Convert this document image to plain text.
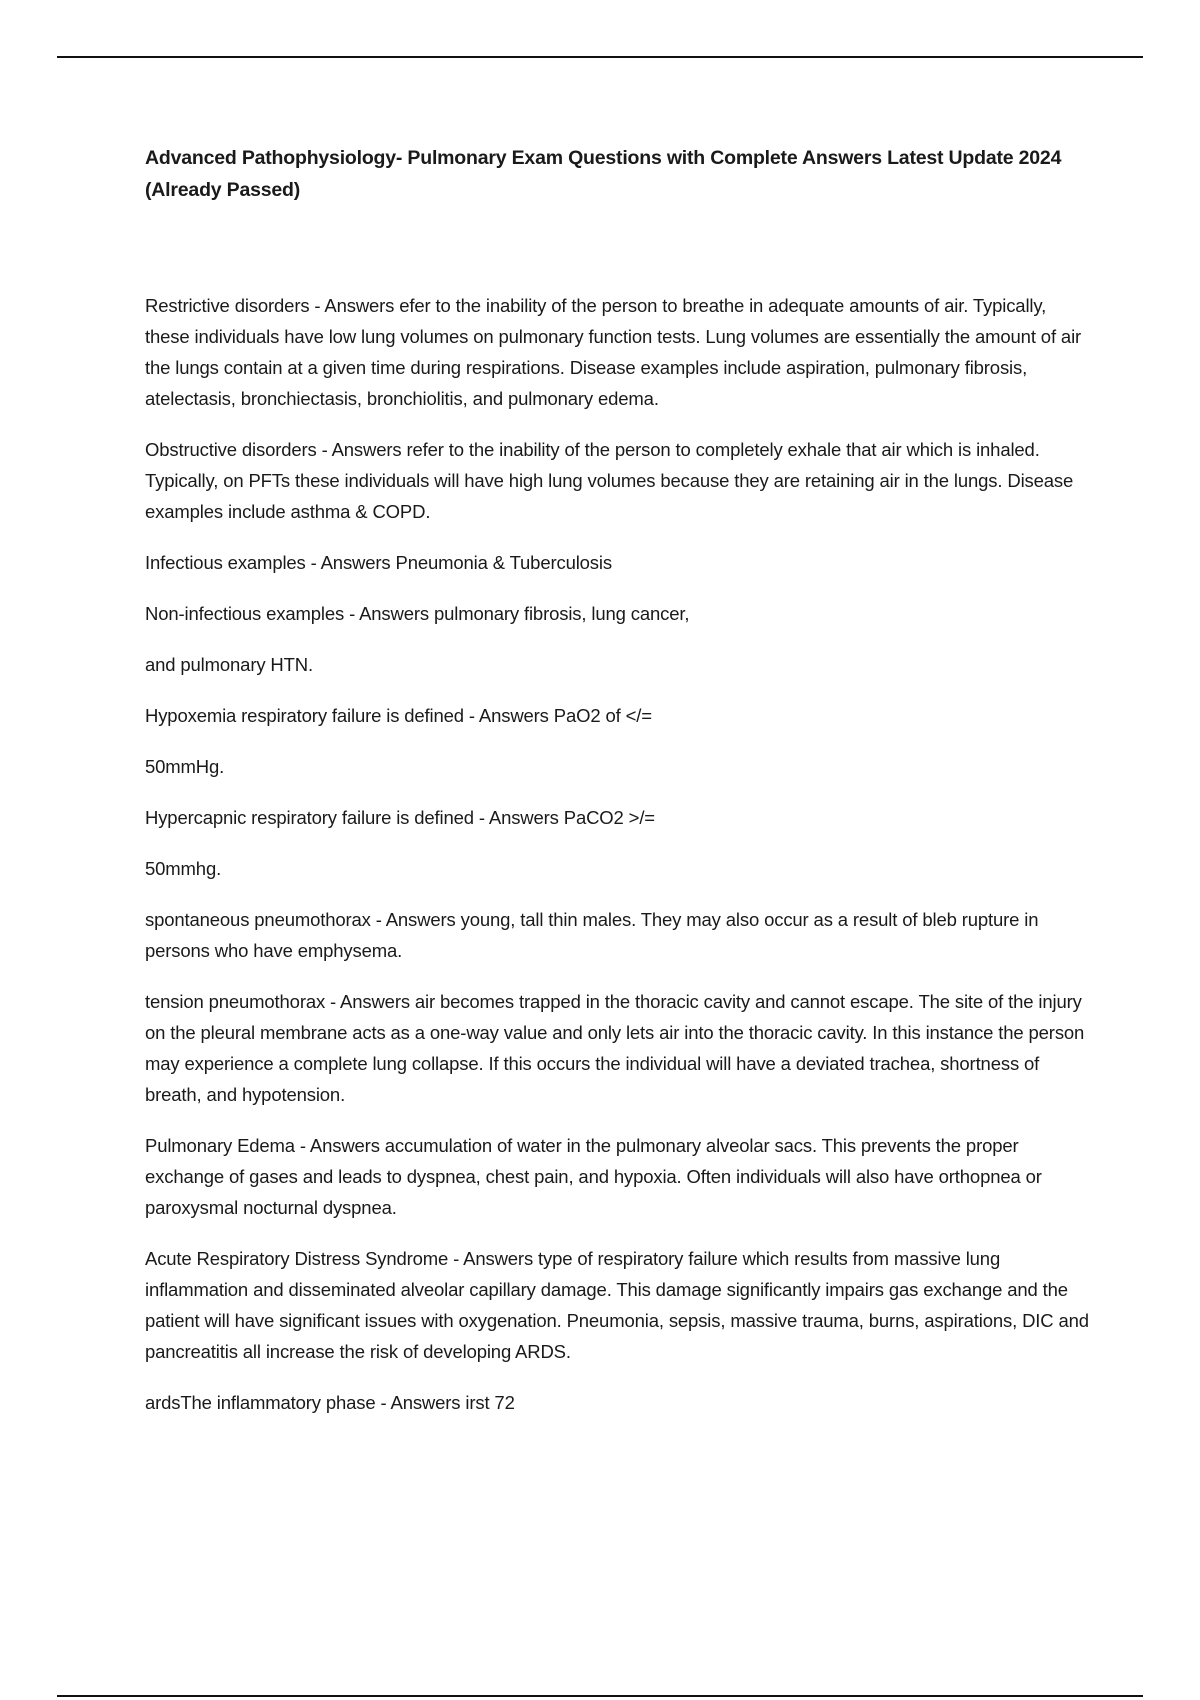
Advanced Pathophysiology- Pulmonary Exam Questions with Complete Answers Latest Update 2024 (Already Passed)
Restrictive disorders - Answers efer to the inability of the person to breathe in adequate amounts of air. Typically, these individuals have low lung volumes on pulmonary function tests. Lung volumes are essentially the amount of air the lungs contain at a given time during respirations. Disease examples include aspiration, pulmonary fibrosis, atelectasis, bronchiectasis, bronchiolitis, and pulmonary edema.
Obstructive disorders - Answers refer to the inability of the person to completely exhale that air which is inhaled. Typically, on PFTs these individuals will have high lung volumes because they are retaining air in the lungs. Disease examples include asthma & COPD.
Infectious examples - Answers Pneumonia & Tuberculosis
Non-infectious examples - Answers pulmonary fibrosis, lung cancer,
and pulmonary HTN.
Hypoxemia respiratory failure is defined - Answers PaO2 of </=
50mmHg.
Hypercapnic respiratory failure is defined - Answers PaCO2 >/=
50mmhg.
spontaneous pneumothorax - Answers young, tall thin males. They may also occur as a result of bleb rupture in persons who have emphysema.
tension pneumothorax - Answers air becomes trapped in the thoracic cavity and cannot escape. The site of the injury on the pleural membrane acts as a one-way value and only lets air into the thoracic cavity. In this instance the person may experience a complete lung collapse. If this occurs the individual will have a deviated trachea, shortness of breath, and hypotension.
Pulmonary Edema - Answers accumulation of water in the pulmonary alveolar sacs. This prevents the proper exchange of gases and leads to dyspnea, chest pain, and hypoxia. Often individuals will also have orthopnea or paroxysmal nocturnal dyspnea.
Acute Respiratory Distress Syndrome - Answers type of respiratory failure which results from massive lung inflammation and disseminated alveolar capillary damage. This damage significantly impairs gas exchange and the patient will have significant issues with oxygenation. Pneumonia, sepsis, massive trauma, burns, aspirations, DIC and pancreatitis all increase the risk of developing ARDS.
ardsThe inflammatory phase - Answers irst 72
